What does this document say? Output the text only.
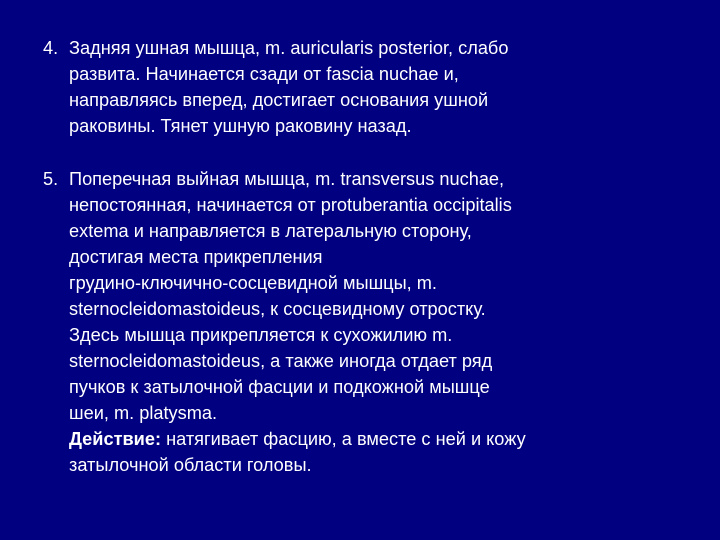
4. Задняя ушная мышца, m. auricularis posterior, слабо
развита. Начинается сзади от fascia nuchae и,
направляясь вперед, достигает основания ушной
раковины. Тянет ушную раковину назад.
5. Поперечная выйная мышца, m. transversus nuchae,
непостоянная, начинается от protuberantia occipitalis
extema и направляется в латеральную сторону,
достигая места прикрепления
грудино-ключично-сосцевидной мышцы, m.
sternocleidomastoideus, к сосцевидному отростку.
Здесь мышца прикрепляется к сухожилию m.
sternocleidomastoideus, а также иногда отдает ряд
пучков к затылочной фасции и подкожной мышце
шеи, m. platysma.
Действие: натягивает фасцию, а вместе с ней и кожу
затылочной области головы.
